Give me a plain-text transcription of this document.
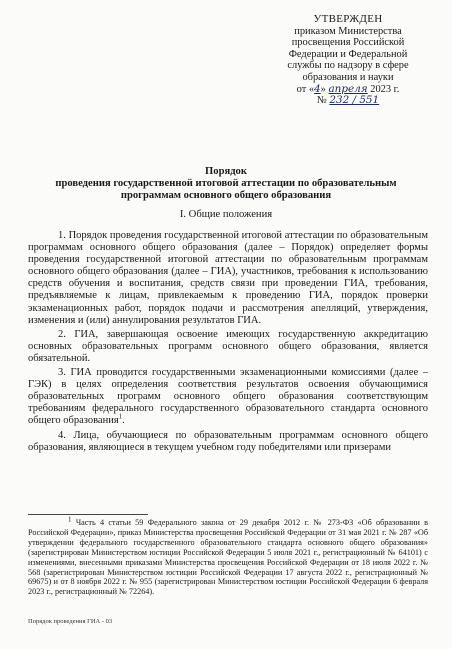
УТВЕРЖДЕН
приказом Министерства
просвещения Российской
Федерации и Федеральной
службы по надзору в сфере
образования и науки
от «4» апреля 2023 г.
№ 232 / 551
Порядок
проведения государственной итоговой аттестации по образовательным
программам основного общего образования
I. Общие положения

1. Порядок проведения государственной итоговой аттестации по образовательным программам основного общего образования (далее – Порядок) определяет формы проведения государственной итоговой аттестации по образовательным программам основного общего образования (далее – ГИА), участников, требования к использованию средств обучения и воспитания, средств связи при проведении ГИА, требования, предъявляемые к лицам, привлекаемым к проведению ГИА, порядок проверки экзаменационных работ, порядок подачи и рассмотрения апелляций, утверждения, изменения и (или) аннулирования результатов ГИА.

2. ГИА, завершающая освоение имеющих государственную аккредитацию основных образовательных программ основного общего образования, является обязательной.

3. ГИА проводится государственными экзаменационными комиссиями (далее – ГЭК) в целях определения соответствия результатов освоения обучающимися образовательных программ основного общего образования соответствующим требованиям федерального государственного образовательного стандарта основного общего образования$^1$.

4. Лица, обучающиеся по образовательным программам основного общего образования, являющиеся в текущем учебном году победителями или призерами

$^1$ Часть 4 статьи 59 Федерального закона от 29 декабря 2012 г. № 273-ФЗ «Об образовании в Российской Федерации», приказ Министерства просвещения Российской Федерации от 31 мая 2021 г. № 287 «Об утверждении федерального государственного образовательного стандарта основного общего образования» (зарегистрирован Министерством юстиции Российской Федерации 5 июля 2021 г., регистрационный № 64101) с изменениями, внесенными приказами Министерства просвещения Российской Федерации от 18 июля 2022 г. № 568 (зарегистрирован Министерством юстиции Российской Федерации 17 августа 2022 г., регистрационный № 69675) и от 8 ноября 2022 г. № 955 (зарегистрирован Министерством юстиции Российской Федерации 6 февраля 2023 г., регистрационный № 72264).

Порядок проведения ГИА - 03
